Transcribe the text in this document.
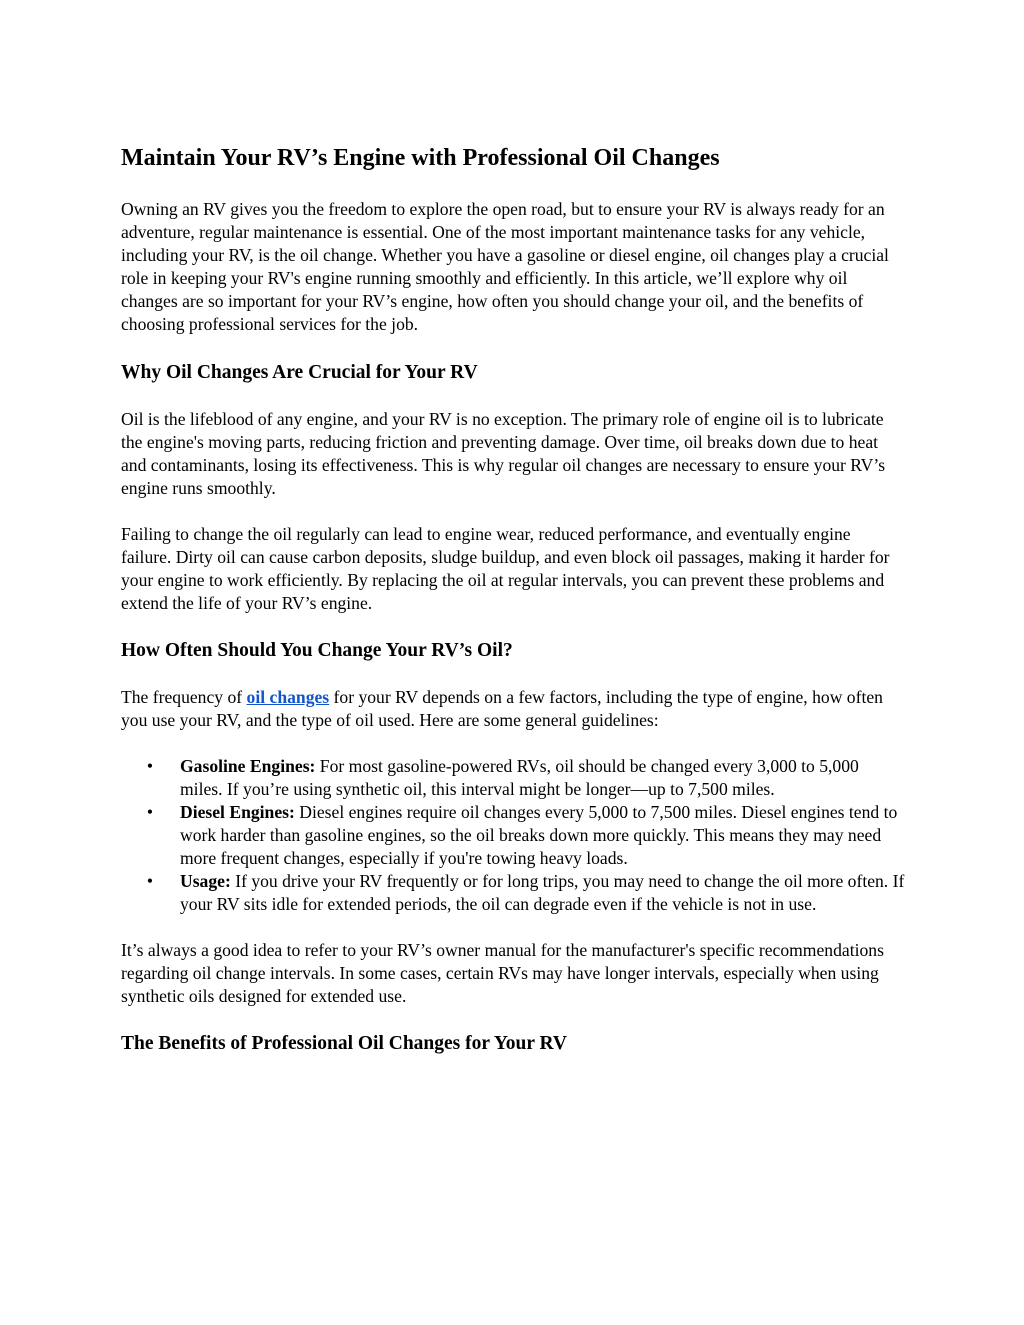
Maintain Your RV’s Engine with Professional Oil Changes

Owning an RV gives you the freedom to explore the open road, but to ensure your RV is always ready for an adventure, regular maintenance is essential. One of the most important maintenance tasks for any vehicle, including your RV, is the oil change. Whether you have a gasoline or diesel engine, oil changes play a crucial role in keeping your RV's engine running smoothly and efficiently. In this article, we’ll explore why oil changes are so important for your RV’s engine, how often you should change your oil, and the benefits of choosing professional services for the job.

Why Oil Changes Are Crucial for Your RV

Oil is the lifeblood of any engine, and your RV is no exception. The primary role of engine oil is to lubricate the engine's moving parts, reducing friction and preventing damage. Over time, oil breaks down due to heat and contaminants, losing its effectiveness. This is why regular oil changes are necessary to ensure your RV’s engine runs smoothly.

Failing to change the oil regularly can lead to engine wear, reduced performance, and eventually engine failure. Dirty oil can cause carbon deposits, sludge buildup, and even block oil passages, making it harder for your engine to work efficiently. By replacing the oil at regular intervals, you can prevent these problems and extend the life of your RV’s engine.

How Often Should You Change Your RV’s Oil?

The frequency of oil changes for your RV depends on a few factors, including the type of engine, how often you use your RV, and the type of oil used. Here are some general guidelines:

• Gasoline Engines: For most gasoline-powered RVs, oil should be changed every 3,000 to 5,000 miles. If you’re using synthetic oil, this interval might be longer—up to 7,500 miles.
• Diesel Engines: Diesel engines require oil changes every 5,000 to 7,500 miles. Diesel engines tend to work harder than gasoline engines, so the oil breaks down more quickly. This means they may need more frequent changes, especially if you're towing heavy loads.
• Usage: If you drive your RV frequently or for long trips, you may need to change the oil more often. If your RV sits idle for extended periods, the oil can degrade even if the vehicle is not in use.

It’s always a good idea to refer to your RV’s owner manual for the manufacturer's specific recommendations regarding oil change intervals. In some cases, certain RVs may have longer intervals, especially when using synthetic oils designed for extended use.

The Benefits of Professional Oil Changes for Your RV
